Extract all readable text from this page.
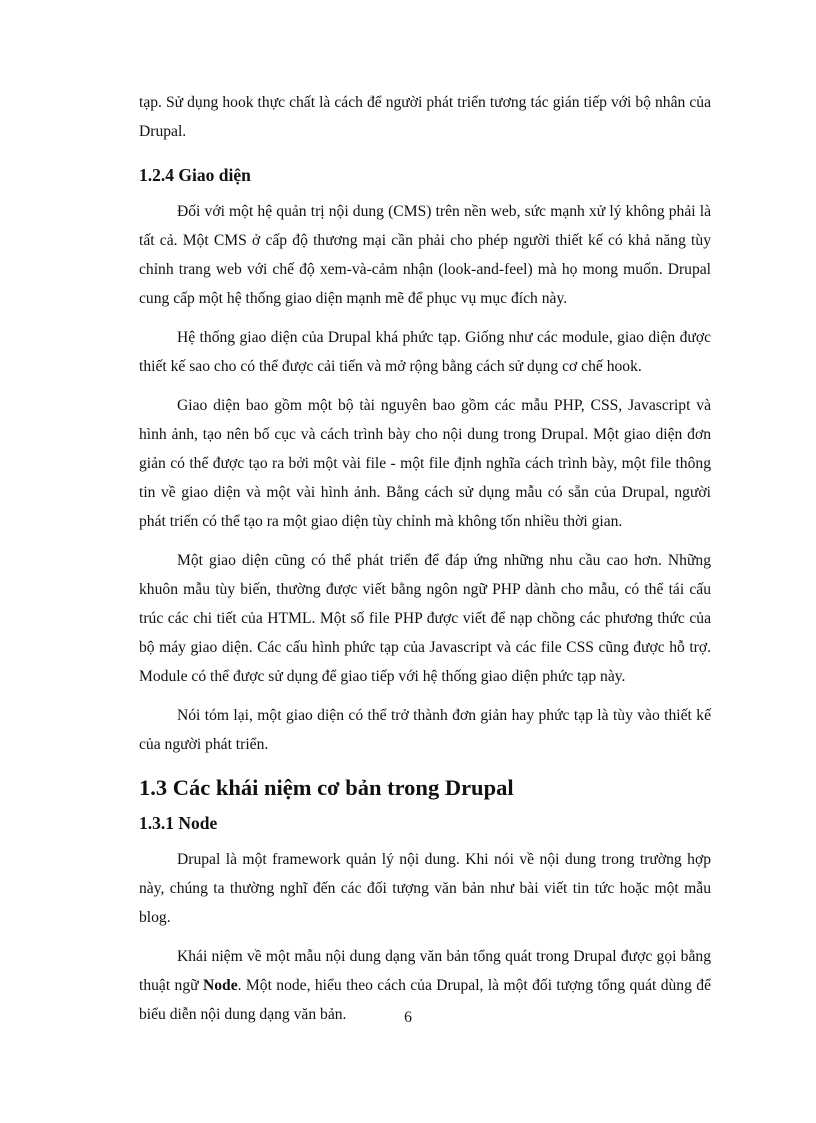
tạp. Sử dụng hook thực chất là cách để người phát triển tương tác gián tiếp với bộ nhân của Drupal.

1.2.4 Giao diện

Đối với một hệ quản trị nội dung (CMS) trên nền web, sức mạnh xử lý không phải là tất cả. Một CMS ở cấp độ thương mại cần phải cho phép người thiết kế có khả năng tùy chỉnh trang web với chế độ xem-và-cảm nhận (look-and-feel) mà họ mong muốn. Drupal cung cấp một hệ thống giao diện mạnh mẽ để phục vụ mục đích này.

Hệ thống giao diện của Drupal khá phức tạp. Giống như các module, giao diện được thiết kế sao cho có thể được cải tiến và mở rộng bằng cách sử dụng cơ chế hook.

Giao diện bao gồm một bộ tài nguyên bao gồm các mẫu PHP, CSS, Javascript và hình ảnh, tạo nên bố cục và cách trình bày cho nội dung trong Drupal. Một giao diện đơn giản có thể được tạo ra bởi một vài file - một file định nghĩa cách trình bày, một file thông tin về giao diện và một vài hình ảnh. Bằng cách sử dụng mẫu có sẵn của Drupal, người phát triển có thể tạo ra một giao diện tùy chỉnh mà không tốn nhiều thời gian.

Một giao diện cũng có thể phát triển để đáp ứng những nhu cầu cao hơn. Những khuôn mẫu tùy biến, thường được viết bằng ngôn ngữ PHP dành cho mẫu, có thể tái cấu trúc các chi tiết của HTML. Một số file PHP được viết để nạp chồng các phương thức của bộ máy giao diện. Các cấu hình phức tạp của Javascript và các file CSS cũng được hỗ trợ. Module có thể được sử dụng để giao tiếp với hệ thống giao diện phức tạp này.

Nói tóm lại, một giao diện có thể trở thành đơn giản hay phức tạp là tùy vào thiết kế của người phát triển.

1.3 Các khái niệm cơ bản trong Drupal
1.3.1 Node

Drupal là một framework quản lý nội dung. Khi nói về nội dung trong trường hợp này, chúng ta thường nghĩ đến các đối tượng văn bản như bài viết tin tức hoặc một mẫu blog.

Khái niệm về một mẫu nội dung dạng văn bản tổng quát trong Drupal được gọi bằng thuật ngữ Node. Một node, hiểu theo cách của Drupal, là một đối tượng tổng quát dùng để biểu diễn nội dung dạng văn bản.	6
